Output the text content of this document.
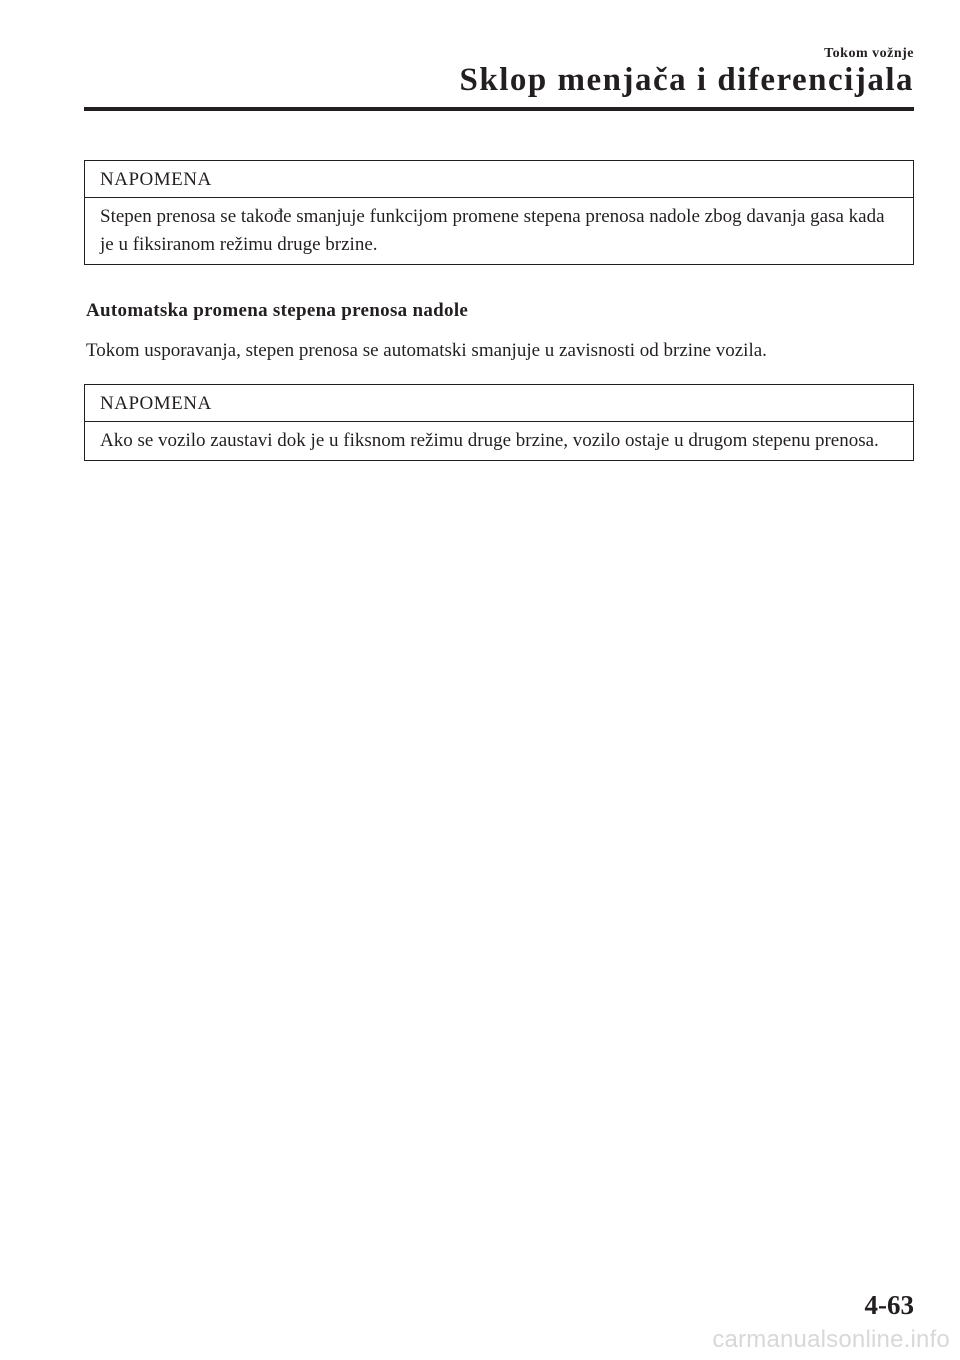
Tokom vožnje
Sklop menjača i diferencijala
NAPOMENA

Stepen prenosa se takođe smanjuje funkcijom promene stepena prenosa nadole zbog davanja gasa kada je u fiksiranom režimu druge brzine.

Automatska promena stepena prenosa nadole

Tokom usporavanja, stepen prenosa se automatski smanjuje u zavisnosti od brzine vozila.

NAPOMENA

Ako se vozilo zaustavi dok je u fiksnom režimu druge brzine, vozilo ostaje u drugom stepenu prenosa.

4-63
carmanualsonline.info
